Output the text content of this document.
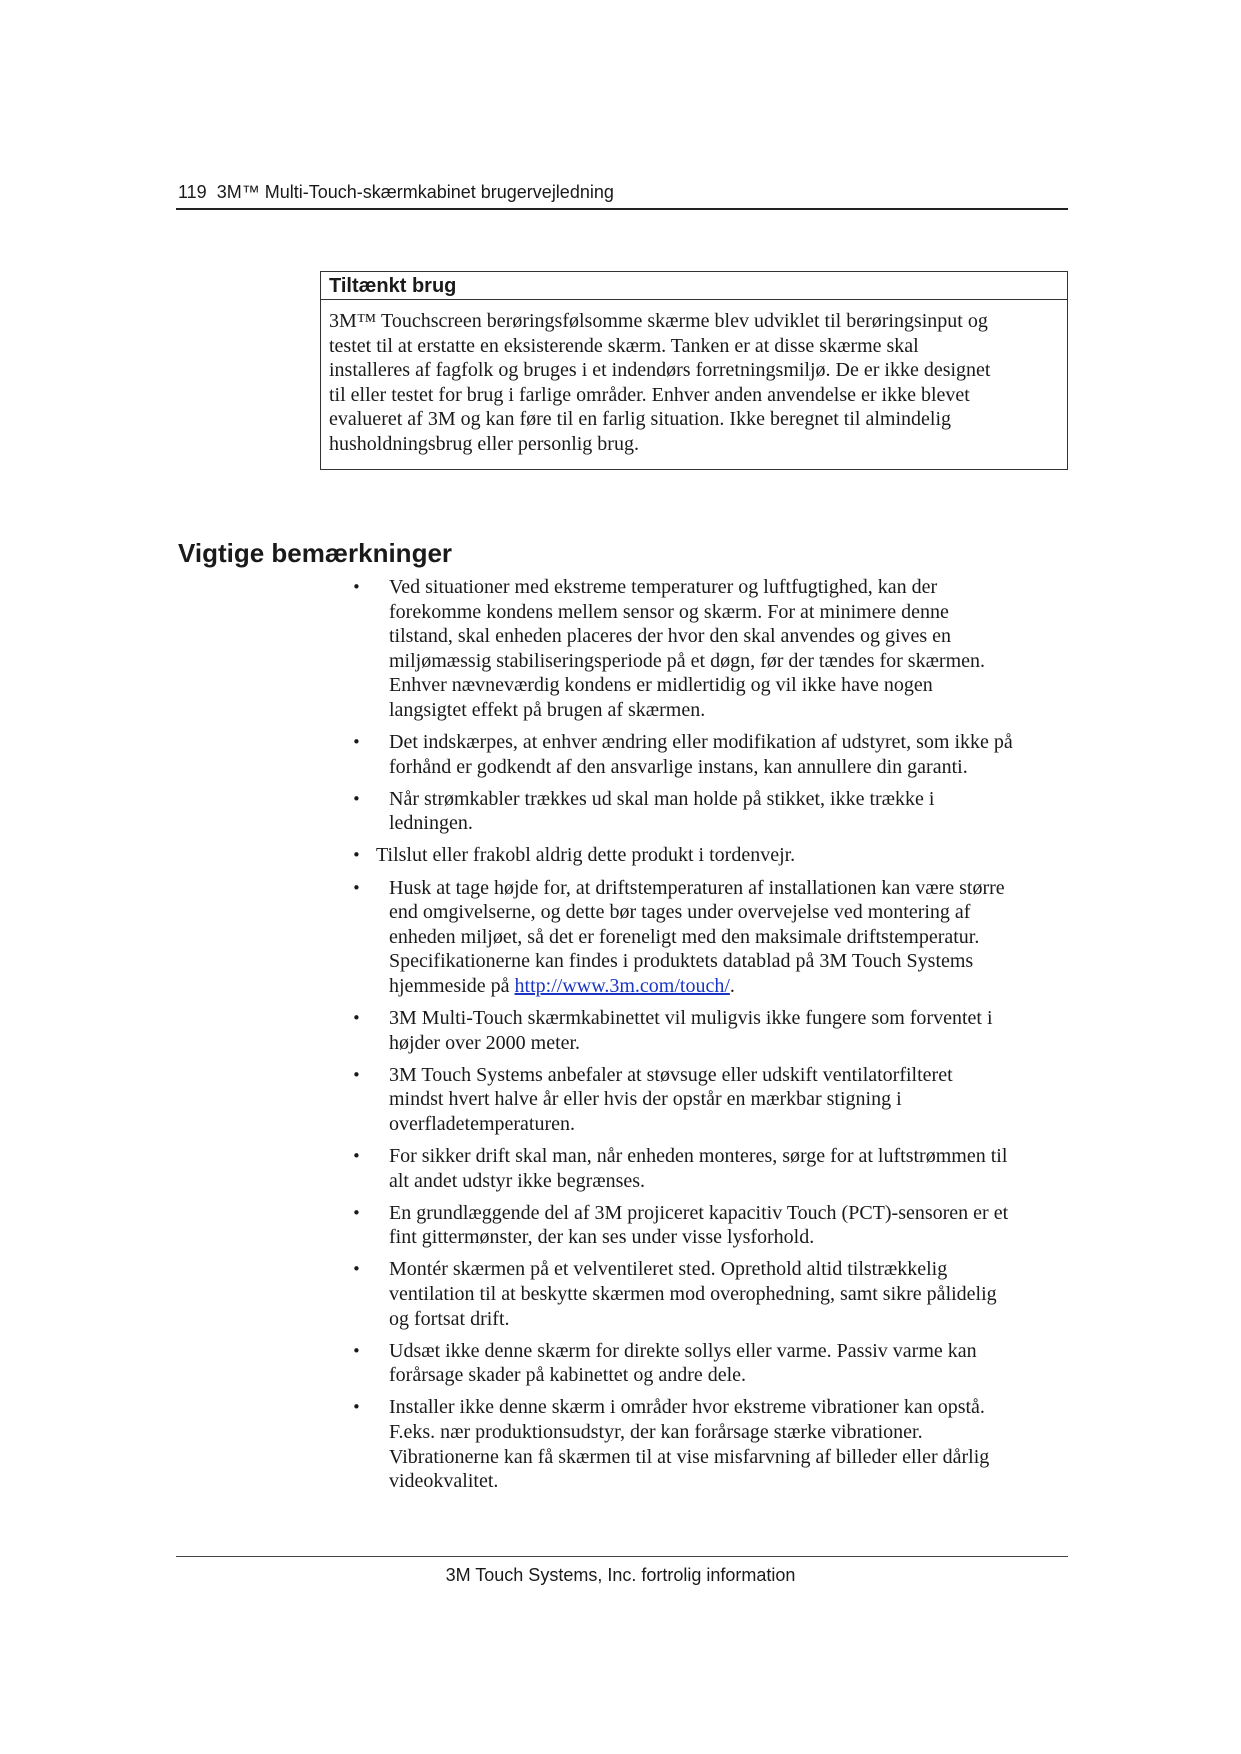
119 3M™ Multi-Touch-skærmkabinet brugervejledning
Tiltænkt brug
3M™ Touchscreen berøringsfølsomme skærme blev udviklet til berøringsinput og
testet til at erstatte en eksisterende skærm. Tanken er at disse skærme skal
installeres af fagfolk og bruges i et indendørs forretningsmiljø. De er ikke designet
til eller testet for brug i farlige områder. Enhver anden anvendelse er ikke blevet
evalueret af 3M og kan føre til en farlig situation. Ikke beregnet til almindelig
husholdningsbrug eller personlig brug.
Vigtige bemærkninger
• Ved situationer med ekstreme temperaturer og luftfugtighed, kan der
forekomme kondens mellem sensor og skærm. For at minimere denne
tilstand, skal enheden placeres der hvor den skal anvendes og gives en
miljømæssig stabiliseringsperiode på et døgn, før der tændes for skærmen.
Enhver nævneværdig kondens er midlertidig og vil ikke have nogen
langsigtet effekt på brugen af skærmen.
• Det indskærpes, at enhver ændring eller modifikation af udstyret, som ikke på
forhånd er godkendt af den ansvarlige instans, kan annullere din garanti.
• Når strømkabler trækkes ud skal man holde på stikket, ikke trække i
ledningen.
• Tilslut eller frakobl aldrig dette produkt i tordenvejr.
• Husk at tage højde for, at driftstemperaturen af installationen kan være større
end omgivelserne, og dette bør tages under overvejelse ved montering af
enheden miljøet, så det er foreneligt med den maksimale driftstemperatur.
Specifikationerne kan findes i produktets datablad på 3M Touch Systems
hjemmeside på http://www.3m.com/touch/.
• 3M Multi-Touch skærmkabinettet vil muligvis ikke fungere som forventet i
højder over 2000 meter.
• 3M Touch Systems anbefaler at støvsuge eller udskift ventilatorfilteret
mindst hvert halve år eller hvis der opstår en mærkbar stigning i
overfladetemperaturen.
• For sikker drift skal man, når enheden monteres, sørge for at luftstrømmen til
alt andet udstyr ikke begrænses.
• En grundlæggende del af 3M projiceret kapacitiv Touch (PCT)-sensoren er et
fint gittermønster, der kan ses under visse lysforhold.
• Montér skærmen på et velventileret sted. Oprethold altid tilstrækkelig
ventilation til at beskytte skærmen mod overophedning, samt sikre pålidelig
og fortsat drift.
• Udsæt ikke denne skærm for direkte sollys eller varme. Passiv varme kan
forårsage skader på kabinettet og andre dele.
• Installer ikke denne skærm i områder hvor ekstreme vibrationer kan opstå.
F.eks. nær produktionsudstyr, der kan forårsage stærke vibrationer.
Vibrationerne kan få skærmen til at vise misfarvning af billeder eller dårlig
videokvalitet.
3M Touch Systems, Inc. fortrolig information
